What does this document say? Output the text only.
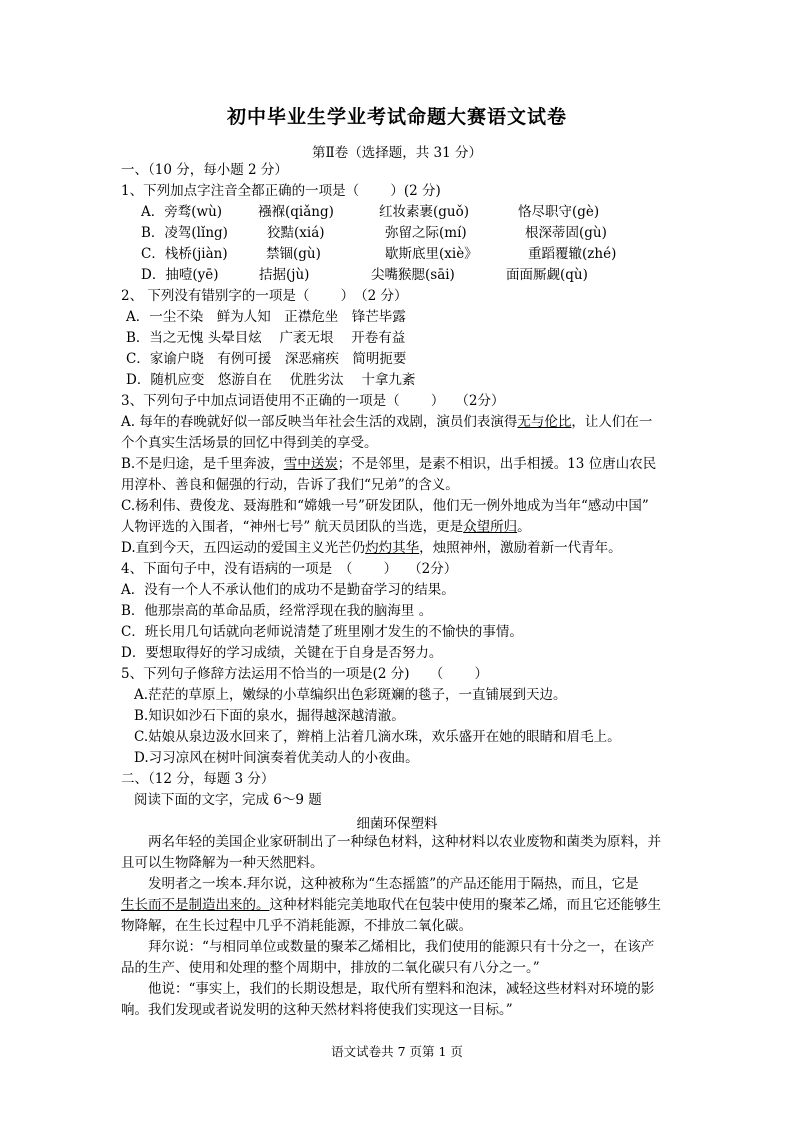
初中毕业生学业考试命题大赛语文试卷
第Ⅱ卷（选择题，共 31 分）
一、（10 分，每小题 2 分）
1、下列加点字注音全都正确的一项是（　　 ）(2 分)
A．旁骛(wù)	襁褓(qiǎng)	红妆素裹(guǒ)	恪尽职守(gè)
B．凌驾(lǐng)	狡黠(xiá)	弥留之际(mí)	根深蒂固(gù)
C．栈桥(jiàn)	禁锢(gù)	歇斯底里(xiè》	重蹈覆辙(zhé)
D．抽噎(yē)	拮据(jù)	尖嘴猴腮(sāi)	面面厮觑(qù)
2、 下列没有错别字的一项是（　　 ）　（2 分）
A．一尘不染　鲜为人知　正襟危坐　锋芒毕露
B．当之无愧 头晕目炫　 广袤无垠　 开卷有益
C．家谕户晓　有例可援　深恶痛疾　简明扼要
D．随机应变　悠游自在　 优胜劣汰　 十拿九紊
3、下列句子中加点词语使用不正确的一项是（　　 ）　 （2分）
A. 每年的春晚就好似一部反映当年社会生活的戏剧，演员们表演得无与伦比，让人们在一
个个真实生活场景的回忆中得到美的享受。
B.不是归途，是千里奔波，雪中送炭；不是邻里，是素不相识，出手相援。13 位唐山农民
用淳朴、善良和倔强的行动，告诉了我们“兄弟”的含义。
C.杨利伟、费俊龙、聂海胜和“嫦娥一号”研发团队，他们无一例外地成为当年“感动中国”
人物评选的入围者，“神州七号” 航天员团队的当选，更是众望所归。
D.直到今天，五四运动的爱国主义光芒仍灼灼其华，烛照神州，激励着新一代青年。
4、下面句子中，没有语病的一项是　（　　 ）　 （2分）
A．没有一个人不承认他们的成功不是勤奋学习的结果。
B．他那崇高的革命品质，经常浮现在我的脑海里 。
C．班长用几句话就向老师说清楚了班里刚才发生的不愉快的事情。
D．要想取得好的学习成绩，关键在于自身是否努力。
5、下列句子修辞方法运用不恰当的一项是(2 分)　　（　　 ）
A.茫茫的草原上，嫩绿的小草编织出色彩斑斓的毯子，一直铺展到天边。
B.知识如沙石下面的泉水，掘得越深越清澈。
C.姑娘从泉边汲水回来了，辫梢上沾着几滴水珠，欢乐盛开在她的眼睛和眉毛上。
D.习习凉风在树叶间演奏着优美动人的小夜曲。
二、（12 分，每题 3 分）
阅读下面的文字，完成 6～9 题
细菌环保塑料
两名年轻的美国企业家研制出了一种绿色材料，这种材料以农业废物和菌类为原料，并
且可以生物降解为一种天然肥料。
发明者之一埃本.拜尔说，这种被称为“生态摇篮”的产品还能用于隔热，而且，它是
生长而不是制造出来的。这种材料能完美地取代在包装中使用的聚苯乙烯，而且它还能够生
物降解，在生长过程中几乎不消耗能源，不排放二氧化碳。
拜尔说：“与相同单位或数量的聚苯乙烯相比，我们使用的能源只有十分之一，在该产
品的生产、使用和处理的整个周期中，排放的二氧化碳只有八分之一。”
他说：“事实上，我们的长期设想是，取代所有塑料和泡沫，减轻这些材料对环境的影
响。我们发现或者说发明的这种天然材料将使我们实现这一目标。”
语文试卷共 7 页第 1 页
